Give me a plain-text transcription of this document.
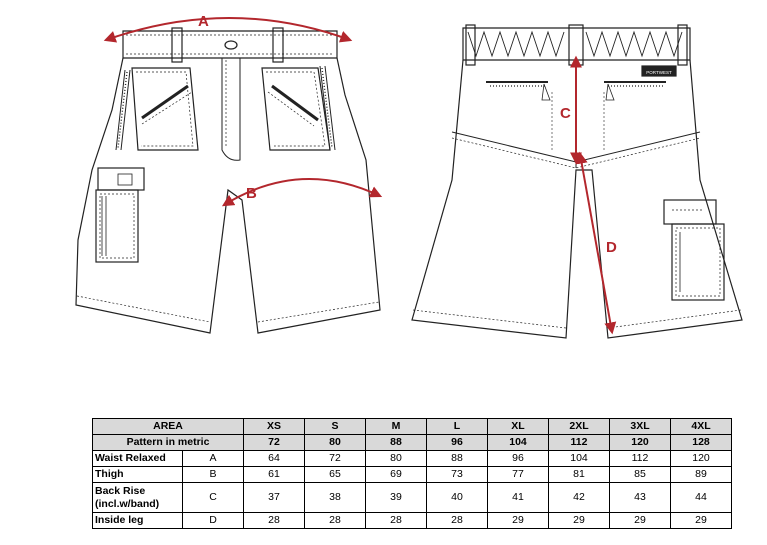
A
B
PORTWEST
C
D
AREA		XS	S	M	L	XL	2XL	3XL	4XL
Pattern in metric		72	80	88	96	104	112	120	128
Waist Relaxed	A	64	72	80	88	96	104	112	120
Thigh	B	61	65	69	73	77	81	85	89
Back Rise
(incl.w/band)	C	37	38	39	40	41	42	43	44
Inside leg	D	28	28	28	28	29	29	29	29
